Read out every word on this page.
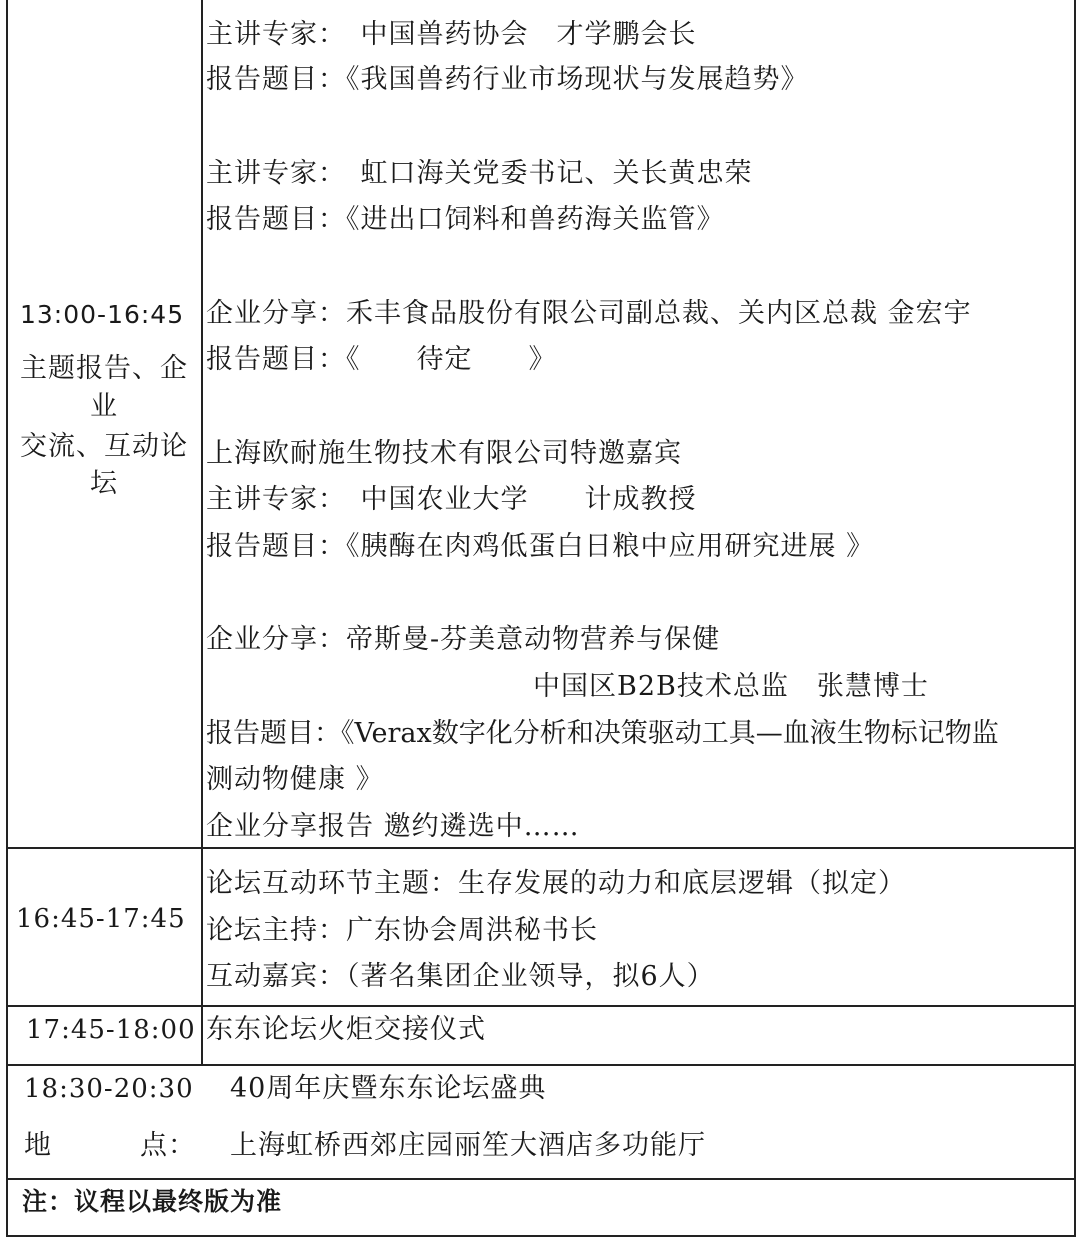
13:00-16:45
主题报告、企
业
交流、互动论
坛
主讲专家：　中国兽药协会　才学鹏会长
报告题目：《我国兽药行业市场现状与发展趋势》
主讲专家：　虹口海关党委书记、关长黄忠荣
报告题目：《进出口饲料和兽药海关监管》
企业分享：禾丰食品股份有限公司副总裁、关内区总裁 金宏宇
报告题目：《　　待定　　》
上海欧耐施生物技术有限公司特邀嘉宾
主讲专家：　中国农业大学　　计成教授
报告题目：《胰酶在肉鸡低蛋白日粮中应用研究进展 》
企业分享：帝斯曼-芬美意动物营养与保健
中国区B2B技术总监　张慧博士
报告题目：《Verax数字化分析和决策驱动工具—血液生物标记物监
测动物健康 》
企业分享报告 邀约遴选中……
16:45-17:45
论坛互动环节主题：生存发展的动力和底层逻辑（拟定）
论坛主持：广东协会周洪秘书长
互动嘉宾：（著名集团企业领导，拟6人）
17:45-18:00 东东论坛火炬交接仪式
18:30-20:30 40周年庆暨东东论坛盛典
地	点： 上海虹桥西郊庄园丽笙大酒店多功能厅
注：议程以最终版为准
